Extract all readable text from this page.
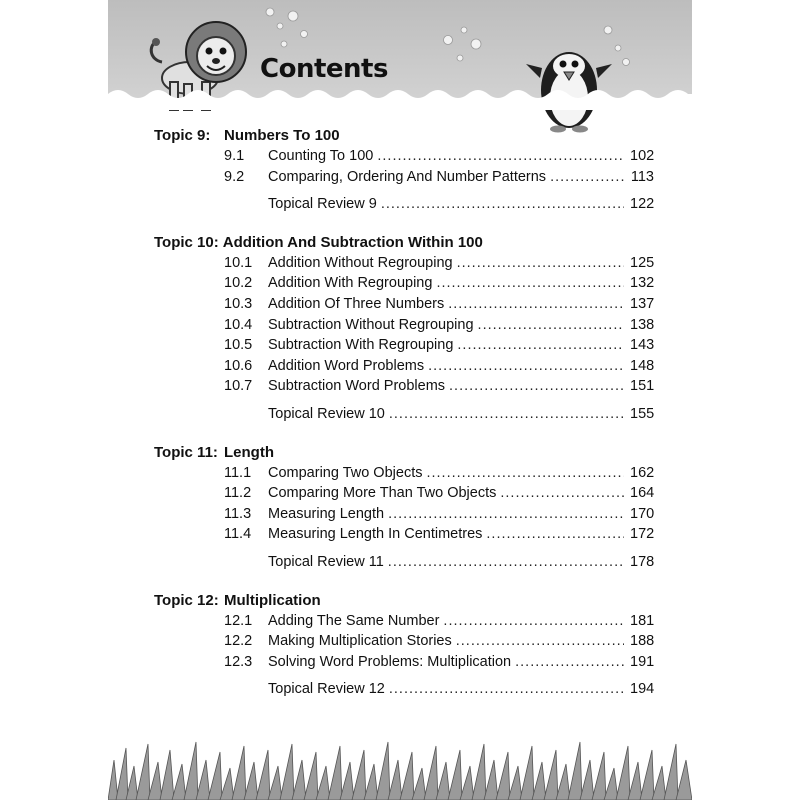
Contents
Topic 9: Numbers To 100
9.1	Counting To 100 .....	102
9.2	Comparing, Ordering And Number Patterns .....	113
Topical Review 9 .....	122
Topic 10: Addition And Subtraction Within 100
10.1	Addition Without Regrouping .....	125
10.2	Addition With Regrouping .....	132
10.3	Addition Of Three Numbers .....	137
10.4	Subtraction Without Regrouping .....	138
10.5	Subtraction With Regrouping .....	143
10.6	Addition Word Problems .....	148
10.7	Subtraction Word Problems .....	151
Topical Review 10 .....	155
Topic 11: Length
11.1	Comparing Two Objects .....	162
11.2	Comparing More Than Two Objects .....	164
11.3	Measuring Length .....	170
11.4	Measuring Length In Centimetres .....	172
Topical Review 11 .....	178
Topic 12: Multiplication
12.1	Adding The Same Number .....	181
12.2	Making Multiplication Stories .....	188
12.3	Solving Word Problems: Multiplication .....	191
Topical Review 12 .....	194
